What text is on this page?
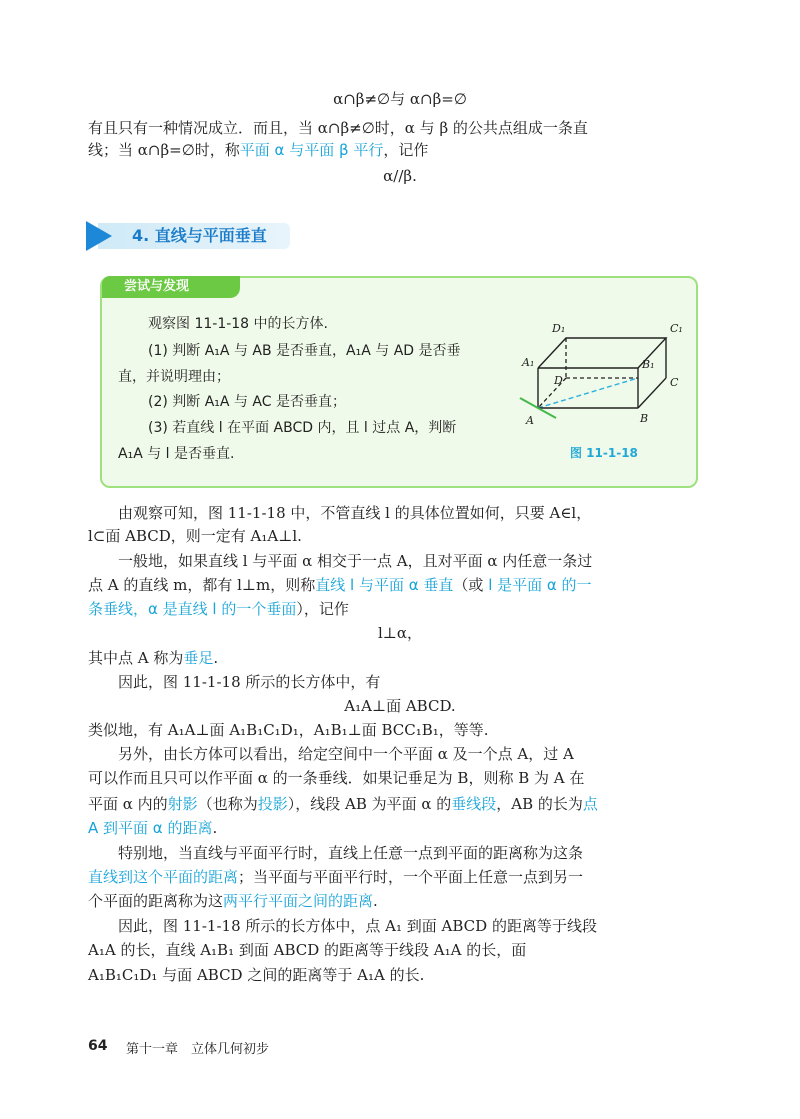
α∩β≠∅与 α∩β=∅
有且只有一种情况成立．而且，当 α∩β≠∅时，α 与 β 的公共点组成一条直
线；当 α∩β=∅时，称平面 α 与平面 β 平行，记作
α//β.
4. 直线与平面垂直
尝试与发现
观察图 11-1-18 中的长方体.
(1) 判断 A₁A 与 AB 是否垂直，A₁A 与 AD 是否垂
直，并说明理由；
(2) 判断 A₁A 与 AC 是否垂直；
(3) 若直线 l 在平面 ABCD 内，且 l 过点 A，判断
A₁A 与 l 是否垂直.
D₁	C₁
A₁	B₁
D	C
A	B
图 11-1-18
由观察可知，图 11-1-18 中，不管直线 l 的具体位置如何，只要 A∈l，
l⊂面 ABCD，则一定有 A₁A⊥l.
一般地，如果直线 l 与平面 α 相交于一点 A，且对平面 α 内任意一条过
点 A 的直线 m，都有 l⊥m，则称直线 l 与平面 α 垂直（或 l 是平面 α 的一
条垂线，α 是直线 l 的一个垂面），记作
l⊥α，
其中点 A 称为垂足.
因此，图 11-1-18 所示的长方体中，有
A₁A⊥面 ABCD.
类似地，有 A₁A⊥面 A₁B₁C₁D₁，A₁B₁⊥面 BCC₁B₁，等等.
另外，由长方体可以看出，给定空间中一个平面 α 及一个点 A，过 A
可以作而且只可以作平面 α 的一条垂线．如果记垂足为 B，则称 B 为 A 在
平面 α 内的射影（也称为投影），线段 AB 为平面 α 的垂线段，AB 的长为点
A 到平面 α 的距离.
特别地，当直线与平面平行时，直线上任意一点到平面的距离称为这条
直线到这个平面的距离；当平面与平面平行时，一个平面上任意一点到另一
个平面的距离称为这两平行平面之间的距离.
因此，图 11-1-18 所示的长方体中，点 A₁ 到面 ABCD 的距离等于线段
A₁A 的长，直线 A₁B₁ 到面 ABCD 的距离等于线段 A₁A 的长，面
A₁B₁C₁D₁ 与面 ABCD 之间的距离等于 A₁A 的长.
64 第十一章　立体几何初步
